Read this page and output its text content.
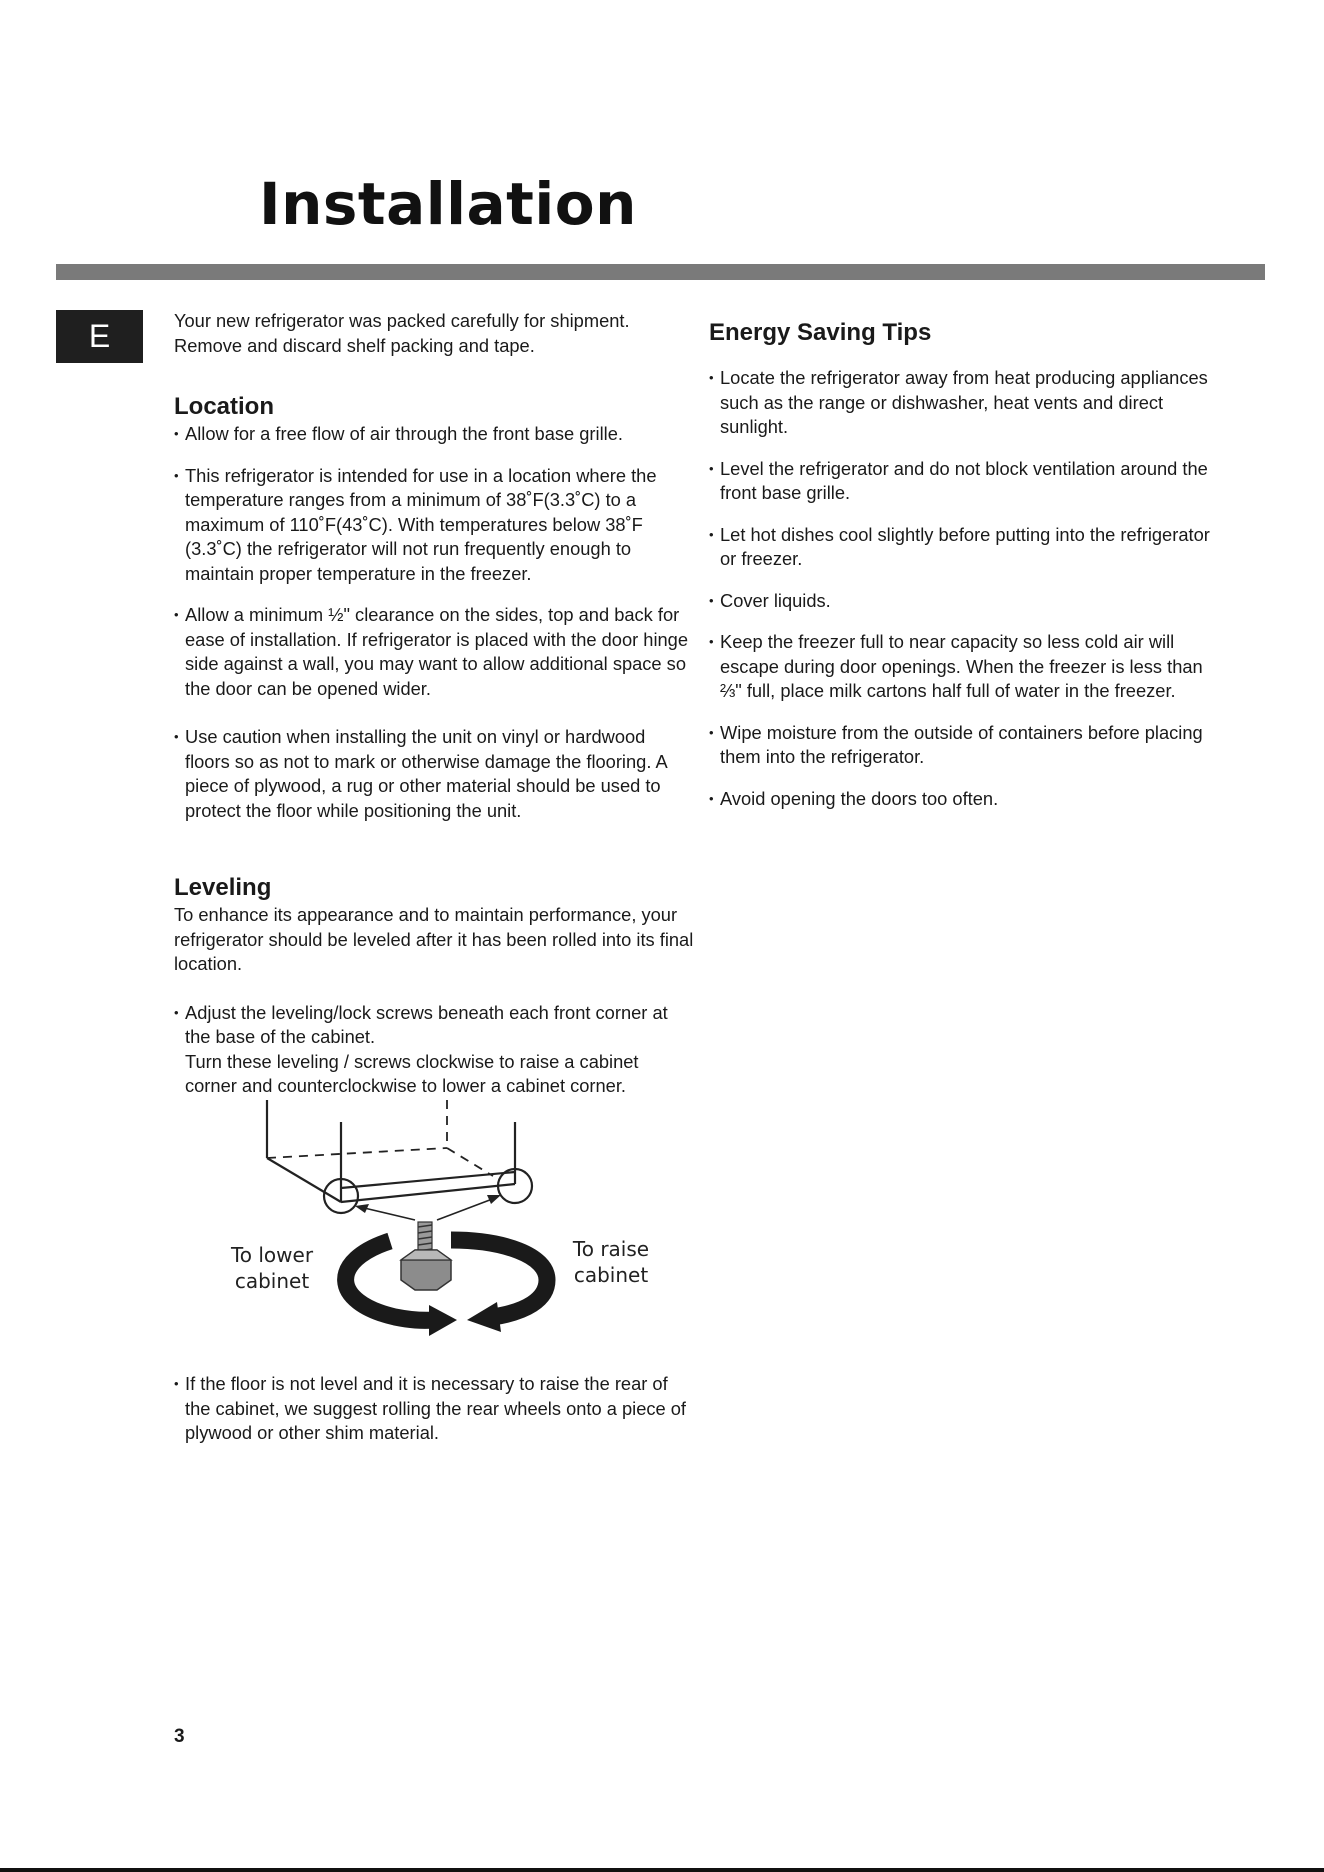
Installation
E	Your new refrigerator was packed carefully for shipment. Remove and discard shelf packing and tape.

Location
• Allow for a free flow of air through the front base grille.
• This refrigerator is intended for use in a location where the temperature ranges from a minimum of 38˚F(3.3˚C) to a maximum of 110˚F(43˚C). With temperatures below 38˚F (3.3˚C) the refrigerator will not run frequently enough to maintain proper temperature in the freezer.
• Allow a minimum ½" clearance on the sides, top and back for ease of installation. If refrigerator is placed with the door hinge side against a wall, you may want to allow additional space so the door can be opened wider.
• Use caution when installing the unit on vinyl or hardwood floors so as not to mark or otherwise damage the flooring. A piece of plywood, a rug or other material should be used to protect the floor while positioning the unit.
Leveling

To enhance its appearance and to maintain performance, your refrigerator should be leveled after it has been rolled into its final location.

• Adjust the leveling/lock screws beneath each front corner at the base of the cabinet.
Turn these leveling / screws clockwise to raise a cabinet corner and counterclockwise to lower a cabinet corner.
To lower
cabinet
To raise
cabinet
• If the floor is not level and it is necessary to raise the rear of the cabinet, we suggest rolling the rear wheels onto a piece of plywood or other shim material.
Energy Saving Tips
• Locate the refrigerator away from heat producing appliances such as the range or dishwasher, heat vents and direct sunlight.
• Level the refrigerator and do not block ventilation around the front base grille.
• Let hot dishes cool slightly before putting into the refrigerator or freezer.
• Cover liquids.
• Keep the freezer full to near capacity so less cold air will escape during door openings. When the freezer is less than ⅔" full, place milk cartons half full of water in the freezer.
• Wipe moisture from the outside of containers before placing them into the refrigerator.
• Avoid opening the doors too often.
3
